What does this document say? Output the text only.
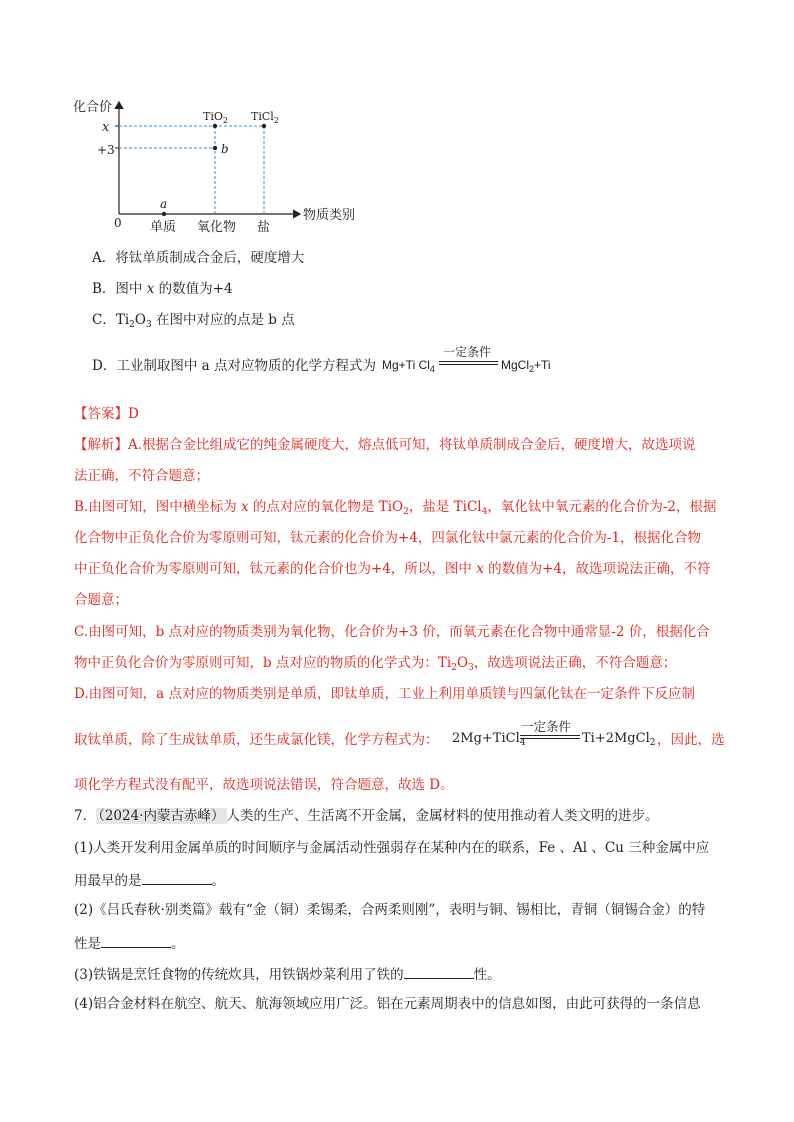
化合价
物质类别
0 单质 氧化物 盐
x
+3
a
b
TiO$_2$ TiCl$_2$
A．将钛单质制成合金后，硬度增大
B．图中 x 的数值为+4
C．$Ti_2O_3$ 在图中对应的点是 b 点
D．工业制取图中 a 点对应物质的化学方程式为 Mg+Ti $Cl_4$
一定条件
MgCl$_2$+Ti
【答案】D
【解析】A.根据合金比组成它的纯金属硬度大，熔点低可知，将钛单质制成合金后，硬度增大，故选项说
法正确，不符合题意；
B.由图可知，图中横坐标为 x 的点对应的氧化物是 TiO$_2$，盐是 TiCl$_4$，氧化钛中氧元素的化合价为-2，根据
化合物中正负化合价为零原则可知，钛元素的化合价为+4，四氯化钛中氯元素的化合价为-1，根据化合物
中正负化合价为零原则可知，钛元素的化合价也为+4，所以，图中 x 的数值为+4，故选项说法正确，不符
合题意；
C.由图可知，b 点对应的物质类别为氧化物，化合价为+3 价，而氧元素在化合物中通常显-2 价，根据化合
物中正负化合价为零原则可知，b 点对应的物质的化学式为：$Ti_2O_3$，故选项说法正确，不符合题意；
D.由图可知，a 点对应的物质类别是单质，即钛单质，工业上利用单质镁与四氯化钛在一定条件下反应制
取钛单质，除了生成钛单质，还生成氯化镁，化学方程式为： 2Mg+TiCl$_4$
一定条件
Ti+2MgCl$_2$ ，因此，选
项化学方程式没有配平，故选项说法错误，符合题意，故选 D。
7． （2024·内蒙古赤峰） 人类的生产、生活离不开金属，金属材料的使用推动着人类文明的进步。
(1)人类开发利用金属单质的时间顺序与金属活动性强弱存在某种内在的联系，Fe 、Al 、Cu 三种金属中应
用最早的是	。
(2)《吕氏春秋·别类篇》载有“金（铜）柔锡柔，合两柔则刚”，表明与铜、锡相比，青铜（铜锡合金）的特
性是	。
(3)铁锅是烹饪食物的传统炊具，用铁锅炒菜利用了铁的	性。
(4)铝合金材料在航空、航天、航海领域应用广泛。铝在元素周期表中的信息如图，由此可获得的一条信息
